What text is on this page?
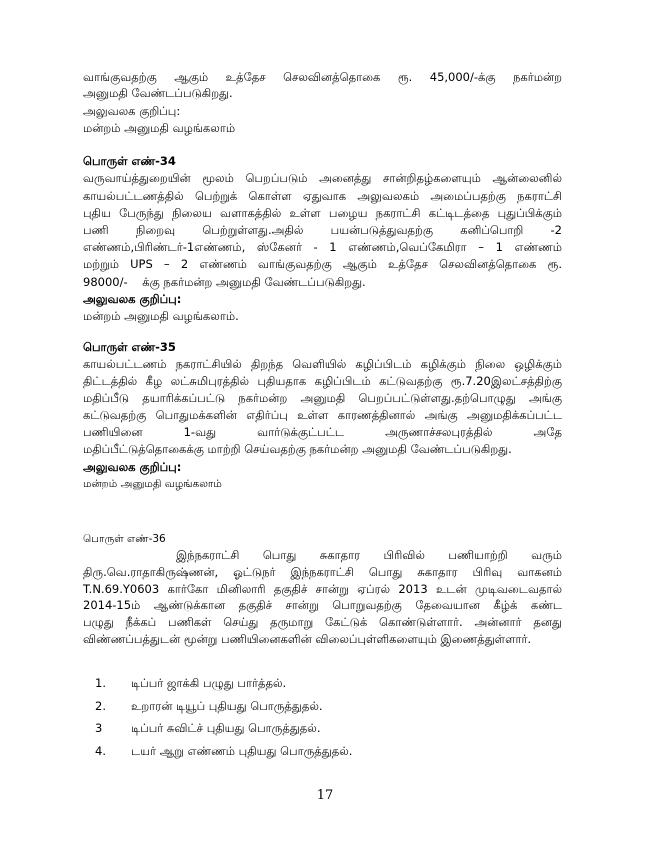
வாங்குவதற்கு ஆகும் உத்தேச செலவினத்தொகை ரூ. 45,000/-க்கு நகர்மன்ற
அனுமதி வேண்டப்படுகிறது.
அலுவலக குறிப்பு:
மன்றம் அனுமதி வழங்கலாம்
பொருள் எண்-34
வருவாய்த்துறையின் மூலம் பெறப்படும் அனைத்து சான்றிதழ்களையும் ஆன்லைனில்
காயல்பட்டணத்தில் பெற்றுக் கொள்ள ஏதுவாக அலுவலகம் அமைப்பதற்கு நகராட்சி
புதிய பேருந்து நிலைய வளாகத்தில் உள்ள பழைய நகராட்சி கட்டிடத்தை புதுப்பிக்கும்
பணி நிறைவு பெற்றுள்ளது.அதில் பயன்படுத்துவதற்கு கனிப்பொறி -2
எண்ணம்,பிரிண்டர்-1எண்ணம், ஸ்கேனர் - 1 எண்ணம்,வெப்கேமிரா – 1 எண்ணம்
மற்றும் UPS – 2 எண்ணம் வாங்குவதற்கு ஆகும் உத்தேச செலவினத்தொகை ரூ.
98000/-    க்கு நகர்மன்ற அனுமதி வேண்டப்படுகிறது.
அலுவலக குறிப்பு:
மன்றம் அனுமதி வழங்கலாம்.
பொருள் எண்-35
காயல்பட்டணம் நகராட்சியில் திறந்த வெளியில் கழிப்பிடம் கழிக்கும் நிலை ஒழிக்கும்
திட்டத்தில் கீழ லட்சுமிபுரத்தில் புதியதாக கழிப்பிடம் கட்டுவதற்கு ரூ.7.20இலட்சத்திற்கு
மதிப்பீடு தயாரிக்கப்பட்டு நகர்மன்ற அனுமதி பெறப்பட்டுள்ளது.தற்பொழுது அங்கு
கட்டுவதற்கு பொதுமக்களின் எதிர்ப்பு உள்ள காரணத்தினால் அங்கு அனுமதிக்கப்பட்ட
பணியினை 1-வது வார்டுக்குட்பட்ட அருணாச்சலபுரத்தில் அதே
மதிப்பீட்டுத்தொகைக்கு மாற்றி செய்வதற்கு நகர்மன்ற அனுமதி வேண்டப்படுகிறது.
அலுவலக குறிப்பு:
மன்றம் அனுமதி வழங்கலாம்
பொருள் எண்-36
இந்நகராட்சி பொது சுகாதார பிரிவில் பணியாற்றி வரும்
திரு.வெ.ராதாகிருஷ்ணன், ஓட்டுநர் இந்நகராட்சி பொது சுகாதார பிரிவு வாகனம்
T.N.69.Y0603 கார்கோ மினிலாரி தகுதிச் சான்று ஏப்ரல் 2013 உடன் முடிவடைவதால்
2014-15ம் ஆண்டுக்கான தகுதிச் சான்று பொறுவதற்கு தேவையான கீழ்க் கண்ட
பழுது நீக்கப் பணிகள் செய்து தருமாறு கேட்டுக் கொண்டுள்ளார். அன்னார் தனது
விண்ணப்பத்துடன் மூன்று பணியினைகளின் விலைப்புள்ளிகளையும் இணைத்துள்ளார்.
1. டிப்பர் ஜாக்கி பழுது பார்த்தல்.
2. உறாரன் டியூப் புதியது பொருத்துதல்.
3 டிப்பர் சுவிட்ச் புதியது பொருத்துதல்.
4. டயர் ஆறு எண்ணம் புதியது பொருத்துதல்.
17
